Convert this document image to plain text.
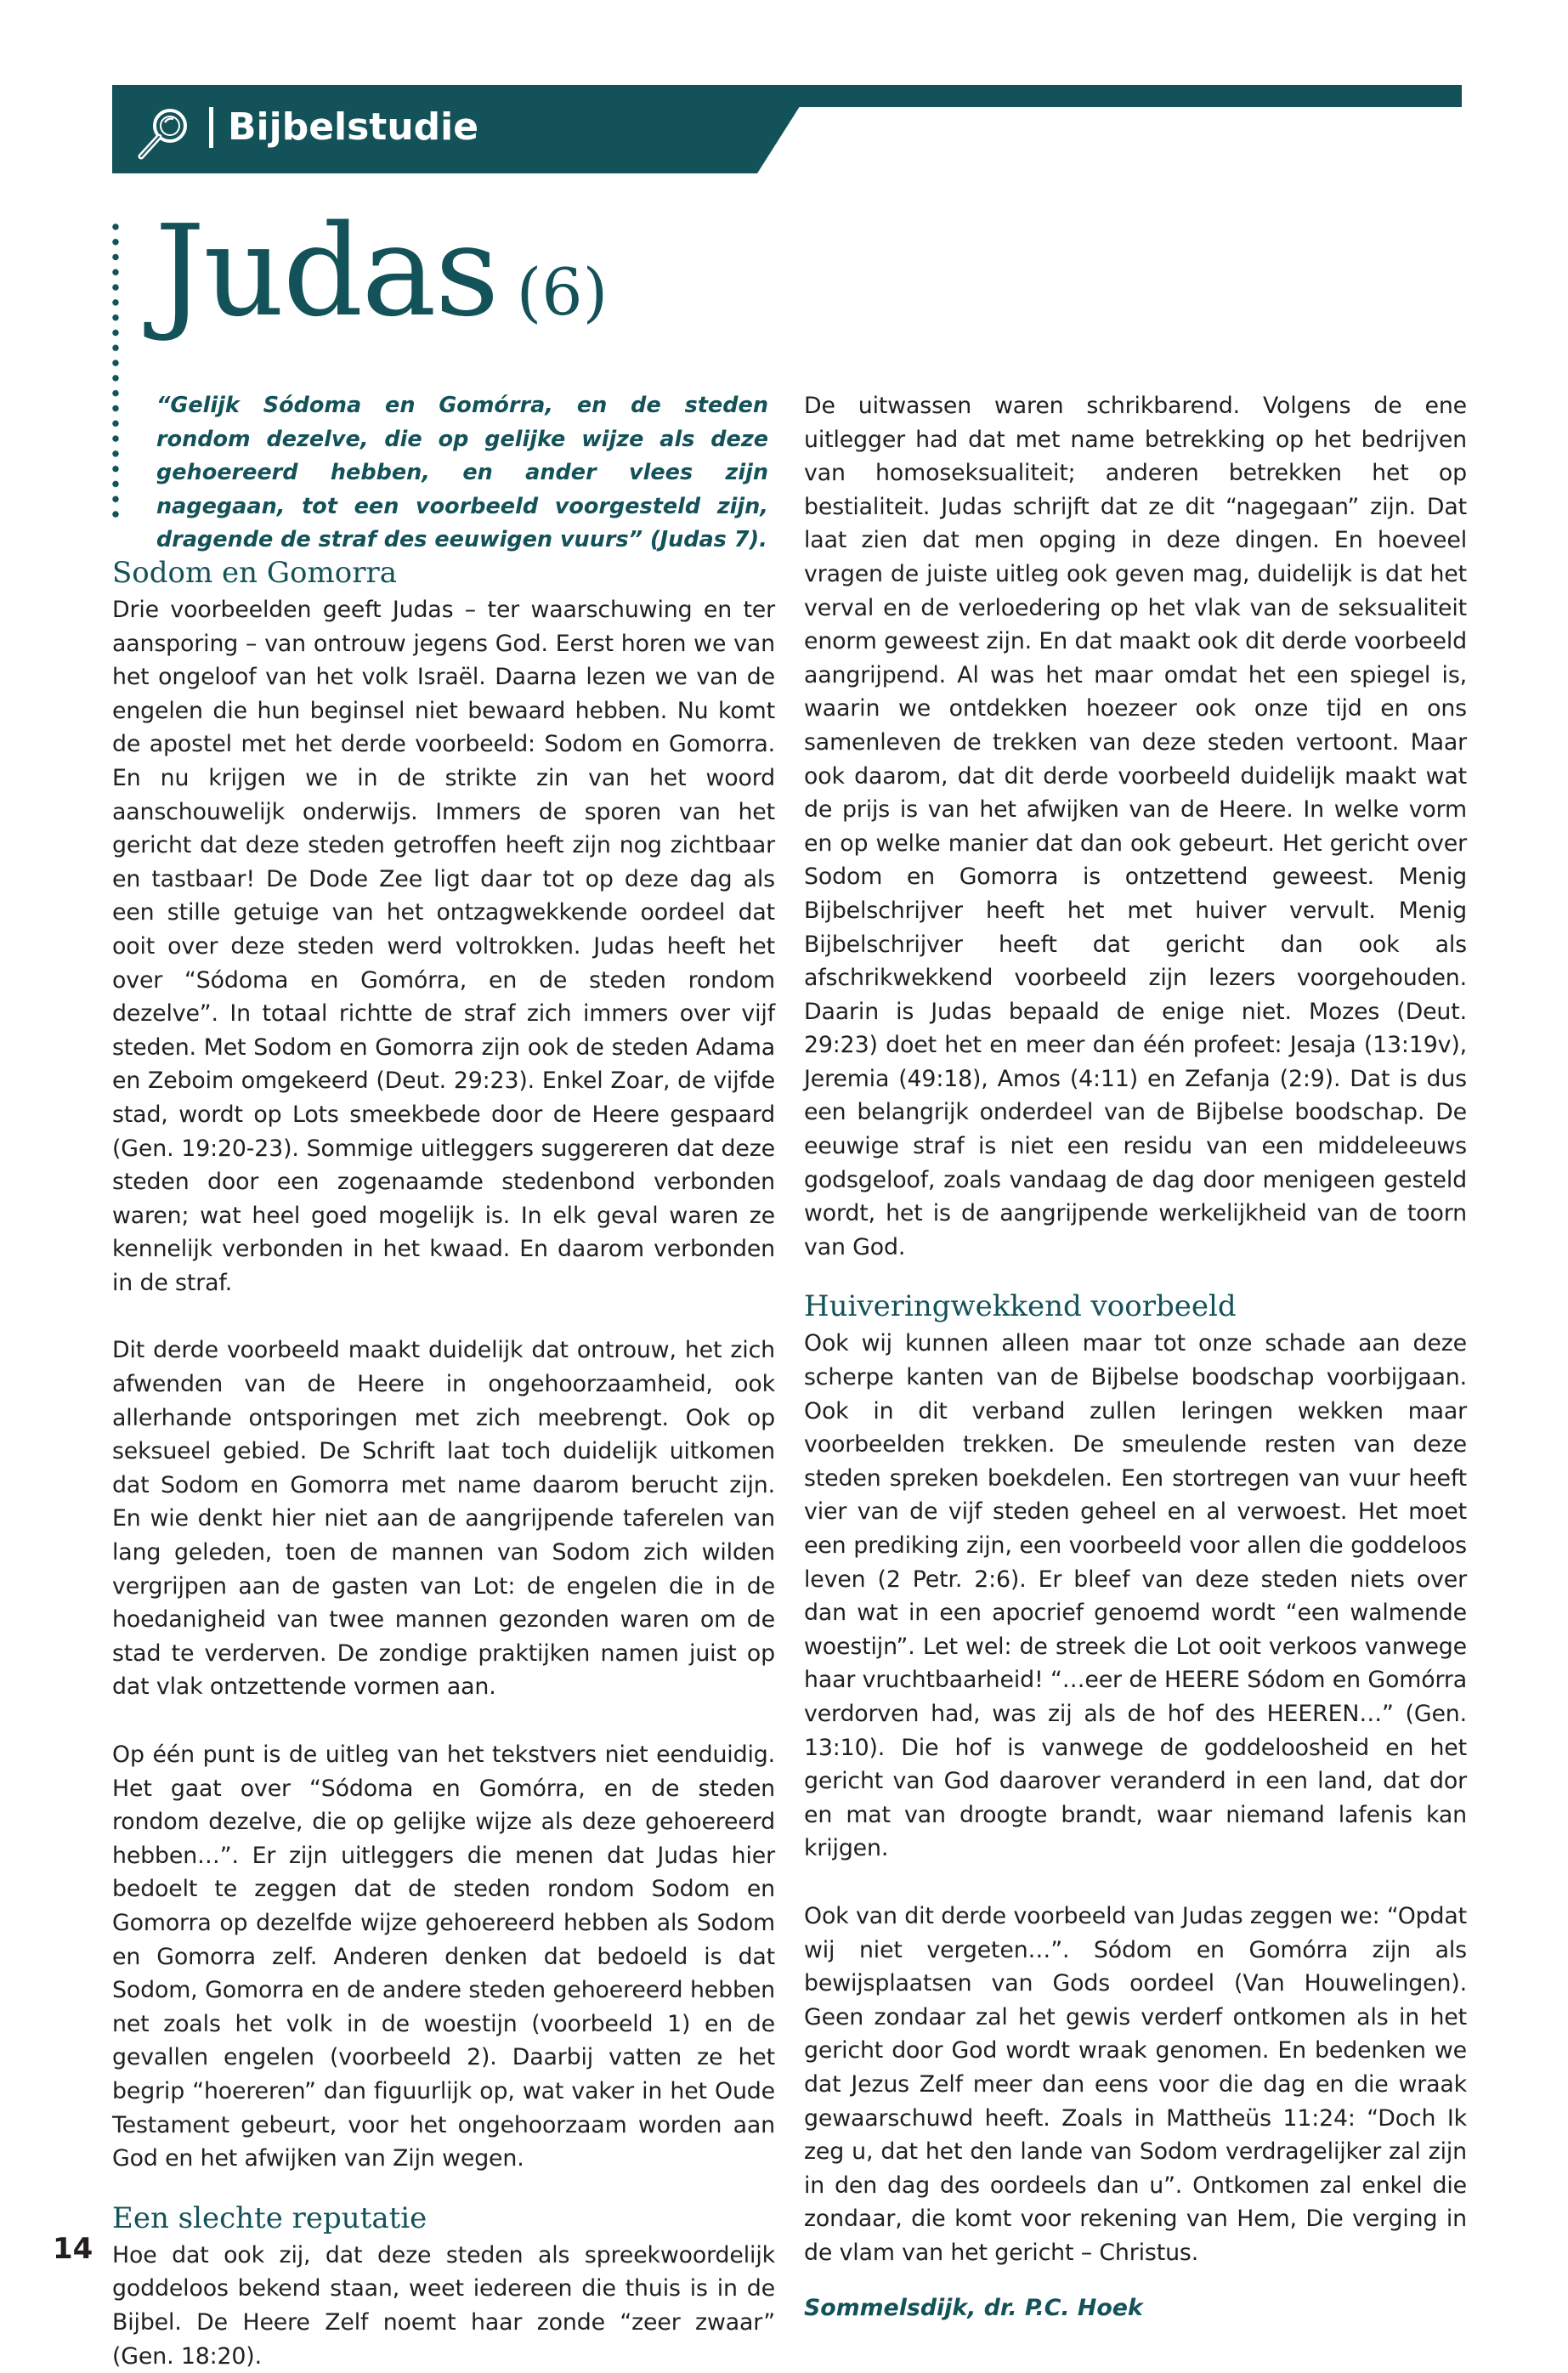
Bijbelstudie
Judas (6)

“Gelijk Sódoma en Gomórra, en de steden rondom dezelve, die op gelijke wijze als deze gehoereerd hebben, en ander vlees zijn nagegaan, tot een voorbeeld voorgesteld zijn, dragende de straf des eeuwigen vuurs” (Judas 7).

Sodom en Gomorra

Drie voorbeelden geeft Judas – ter waarschuwing en ter aansporing – van ontrouw jegens God. Eerst horen we van het ongeloof van het volk Israël. Daarna lezen we van de engelen die hun beginsel niet bewaard hebben. Nu komt de apostel met het derde voorbeeld: Sodom en Gomorra. En nu krijgen we in de strikte zin van het woord aanschouwelijk onderwijs. Immers de sporen van het gericht dat deze steden getroffen heeft zijn nog zichtbaar en tastbaar! De Dode Zee ligt daar tot op deze dag als een stille getuige van het ontzagwekkende oordeel dat ooit over deze steden werd voltrokken. Judas heeft het over “Sódoma en Gomórra, en de steden rondom dezelve”. In totaal richtte de straf zich immers over vijf steden. Met Sodom en Gomorra zijn ook de steden Adama en Zeboim omgekeerd (Deut. 29:23). Enkel Zoar, de vijfde stad, wordt op Lots smeekbede door de Heere gespaard (Gen. 19:20-23). Sommige uitleggers suggereren dat deze steden door een zogenaamde stedenbond verbonden waren; wat heel goed mogelijk is. In elk geval waren ze kennelijk verbonden in het kwaad. En daarom verbonden in de straf.

Dit derde voorbeeld maakt duidelijk dat ontrouw, het zich afwenden van de Heere in ongehoorzaamheid, ook allerhande ontsporingen met zich meebrengt. Ook op seksueel gebied. De Schrift laat toch duidelijk uitkomen dat Sodom en Gomorra met name daarom berucht zijn. En wie denkt hier niet aan de aangrijpende taferelen van lang geleden, toen de mannen van Sodom zich wilden vergrijpen aan de gasten van Lot: de engelen die in de hoedanigheid van twee mannen gezonden waren om de stad te verderven. De zondige praktijken namen juist op dat vlak ontzettende vormen aan.

Op één punt is de uitleg van het tekstvers niet eenduidig. Het gaat over “Sódoma en Gomórra, en de steden rondom dezelve, die op gelijke wijze als deze gehoereerd hebben…”. Er zijn uitleggers die menen dat Judas hier bedoelt te zeggen dat de steden rondom Sodom en Gomorra op dezelfde wijze gehoereerd hebben als Sodom en Gomorra zelf. Anderen denken dat bedoeld is dat Sodom, Gomorra en de andere steden gehoereerd hebben net zoals het volk in de woestijn (voorbeeld 1) en de gevallen engelen (voorbeeld 2). Daarbij vatten ze het begrip “hoereren” dan figuurlijk op, wat vaker in het Oude Testament gebeurt, voor het ongehoorzaam worden aan God en het afwijken van Zijn wegen.

Een slechte reputatie

Hoe dat ook zij, dat deze steden als spreekwoordelijk goddeloos bekend staan, weet iedereen die thuis is in de Bijbel. De Heere Zelf noemt haar zonde “zeer zwaar” (Gen. 18:20).

De uitwassen waren schrikbarend. Volgens de ene uitlegger had dat met name betrekking op het bedrijven van homoseksualiteit; anderen betrekken het op bestialiteit. Judas schrijft dat ze dit “nagegaan” zijn. Dat laat zien dat men opging in deze dingen. En hoeveel vragen de juiste uitleg ook geven mag, duidelijk is dat het verval en de verloedering op het vlak van de seksualiteit enorm geweest zijn. En dat maakt ook dit derde voorbeeld aangrijpend. Al was het maar omdat het een spiegel is, waarin we ontdekken hoezeer ook onze tijd en ons samenleven de trekken van deze steden vertoont. Maar ook daarom, dat dit derde voorbeeld duidelijk maakt wat de prijs is van het afwijken van de Heere. In welke vorm en op welke manier dat dan ook gebeurt. Het gericht over Sodom en Gomorra is ontzettend geweest. Menig Bijbelschrijver heeft het met huiver vervult. Menig Bijbelschrijver heeft dat gericht dan ook als afschrikwekkend voorbeeld zijn lezers voorgehouden. Daarin is Judas bepaald de enige niet. Mozes (Deut. 29:23) doet het en meer dan één profeet: Jesaja (13:19v), Jeremia (49:18), Amos (4:11) en Zefanja (2:9). Dat is dus een belangrijk onderdeel van de Bijbelse boodschap. De eeuwige straf is niet een residu van een middeleeuws godsgeloof, zoals vandaag de dag door menigeen gesteld wordt, het is de aangrijpende werkelijkheid van de toorn van God.

Huiveringwekkend voorbeeld

Ook wij kunnen alleen maar tot onze schade aan deze scherpe kanten van de Bijbelse boodschap voorbijgaan. Ook in dit verband zullen leringen wekken maar voorbeelden trekken. De smeulende resten van deze steden spreken boekdelen. Een stortregen van vuur heeft vier van de vijf steden geheel en al verwoest. Het moet een prediking zijn, een voorbeeld voor allen die goddeloos leven (2 Petr. 2:6). Er bleef van deze steden niets over dan wat in een apocrief genoemd wordt “een walmende woestijn”. Let wel: de streek die Lot ooit verkoos vanwege haar vruchtbaarheid! “…eer de HEERE Sódom en Gomórra verdorven had, was zij als de hof des HEEREN…” (Gen. 13:10). Die hof is vanwege de goddeloosheid en het gericht van God daarover veranderd in een land, dat dor en mat van droogte brandt, waar niemand lafenis kan krijgen.

Ook van dit derde voorbeeld van Judas zeggen we: “Opdat wij niet vergeten…”. Sódom en Gomórra zijn als bewijsplaatsen van Gods oordeel (Van Houwelingen). Geen zondaar zal het gewis verderf ontkomen als in het gericht door God wordt wraak genomen. En bedenken we dat Jezus Zelf meer dan eens voor die dag en die wraak gewaarschuwd heeft. Zoals in Mattheüs 11:24: “Doch Ik zeg u, dat het den lande van Sodom verdragelijker zal zijn in den dag des oordeels dan u”. Ontkomen zal enkel die zondaar, die komt voor rekening van Hem, Die verging in de vlam van het gericht – Christus.

Sommelsdijk, dr. P.C. Hoek

14
